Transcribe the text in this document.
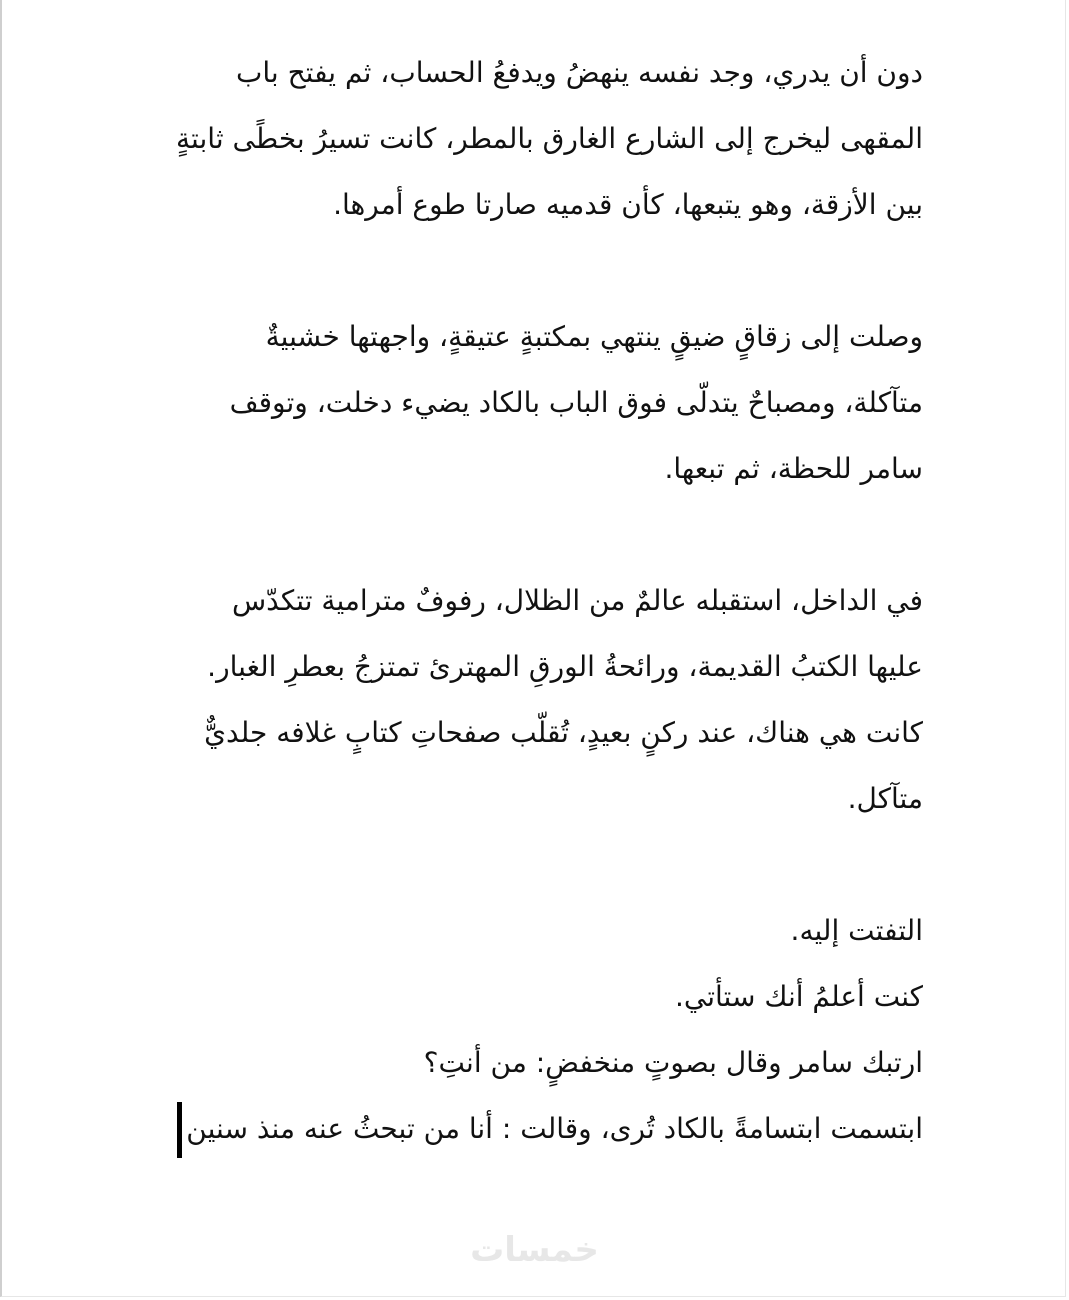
دون أن يدري، وجد نفسه ينهضُ ويدفعُ الحساب، ثم يفتح باب
المقهى ليخرج إلى الشارع الغارق بالمطر، كانت تسيرُ بخطًى ثابتةٍ
بين الأزقة، وهو يتبعها، كأن قدميه صارتا طوع أمرها.
وصلت إلى زقاقٍ ضيقٍ ينتهي بمكتبةٍ عتيقةٍ، واجهتها خشبيةٌ
متآكلة، ومصباحٌ يتدلّى فوق الباب بالكاد يضيء دخلت، وتوقف
سامر للحظة، ثم تبعها.
في الداخل، استقبله عالمٌ من الظلال، رفوفٌ مترامية تتكدّس
عليها الكتبُ القديمة، ورائحةُ الورقِ المهترئ تمتزجُ بعطرِ الغبار.
كانت هي هناك، عند ركنٍ بعيدٍ، تُقلّب صفحاتِ كتابٍ غلافه جلديٌّ
متآكل.
التفتت إليه.
كنت أعلمُ أنك ستأتي.
ارتبك سامر وقال بصوتٍ منخفضٍ: من أنتِ؟
ابتسمت ابتسامةً بالكاد تُرى، وقالت : أنا من تبحثُ عنه منذ سنين
خمسات
